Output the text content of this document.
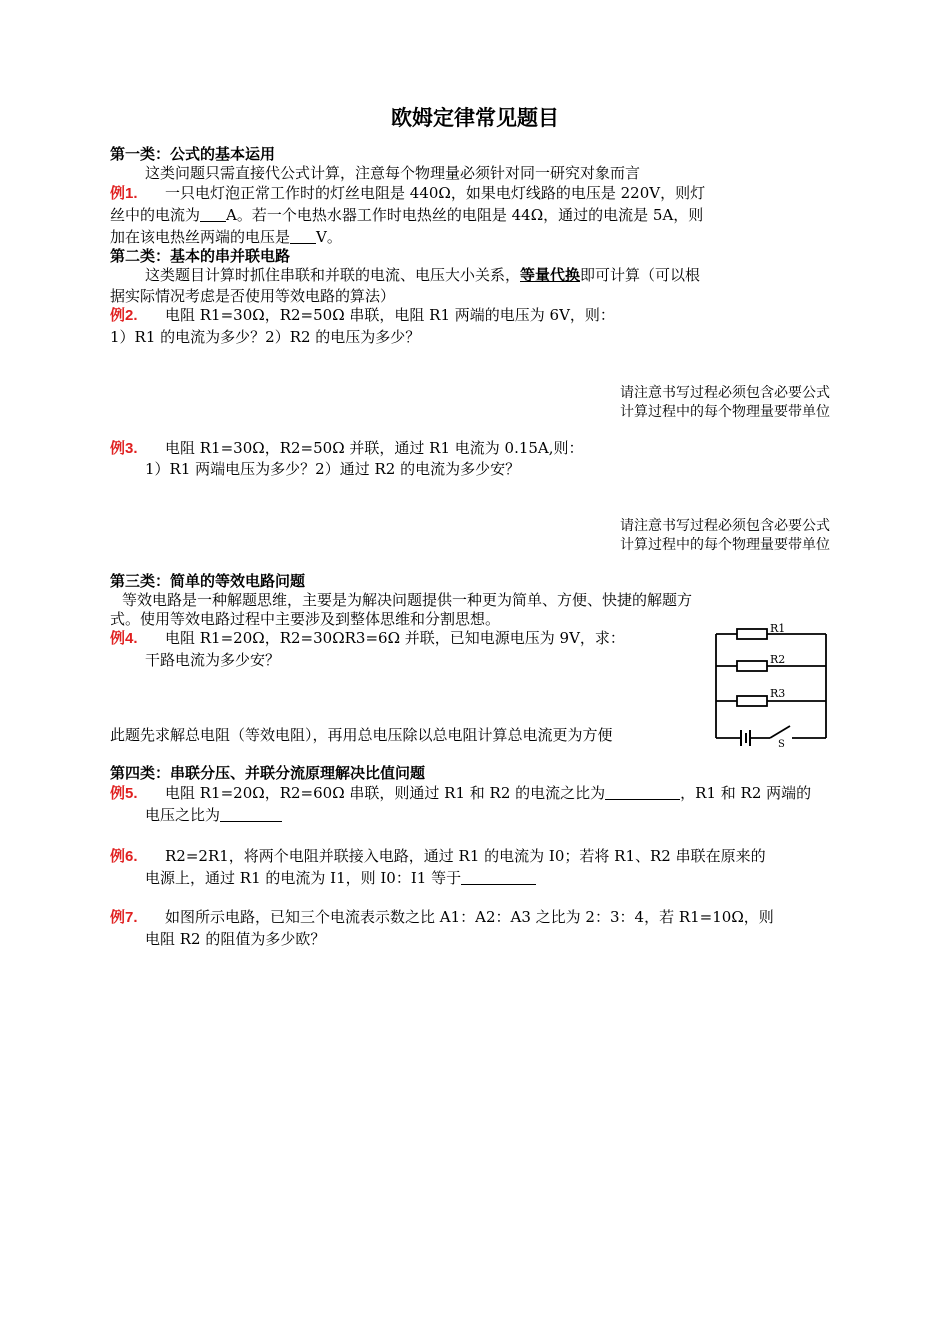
欧姆定律常见题目
第一类：公式的基本运用
这类问题只需直接代公式计算，注意每个物理量必须针对同一研究对象而言
例1. 一只电灯泡正常工作时的灯丝电阻是 440Ω，如果电灯线路的电压是 220V，则灯
丝中的电流为 A。若一个电热水器工作时电热丝的电阻是 44Ω，通过的电流是 5A，则
加在该电热丝两端的电压是 V。
第二类：基本的串并联电路
这类题目计算时抓住串联和并联的电流、电压大小关系，等量代换即可计算（可以根
据实际情况考虑是否使用等效电路的算法）
例2. 电阻 R1=30Ω，R2=50Ω 串联，电阻 R1 两端的电压为 6V，则：
1）R1 的电流为多少？2）R2 的电压为多少？
请注意书写过程必须包含必要公式
计算过程中的每个物理量要带单位
例3. 电阻 R1=30Ω，R2=50Ω 并联，通过 R1 电流为 0.15A,则：
1）R1 两端电压为多少？2）通过 R2 的电流为多少安？
请注意书写过程必须包含必要公式
计算过程中的每个物理量要带单位
第三类：简单的等效电路问题
等效电路是一种解题思维，主要是为解决问题提供一种更为简单、方便、快捷的解题方
式。使用等效电路过程中主要涉及到整体思维和分割思想。
例4. 电阻 R1=20Ω，R2=30ΩR3=6Ω 并联，已知电源电压为 9V，求：
干路电流为多少安？
此题先求解总电阻（等效电阻），再用总电压除以总电阻计算总电流更为方便
R1
R2
R3
S
第四类：串联分压、并联分流原理解决比值问题
例5. 电阻 R1=20Ω，R2=60Ω 串联，则通过 R1 和 R2 的电流之比为	，R1 和 R2 两端的
电压之比为
例6. R2=2R1，将两个电阻并联接入电路，通过 R1 的电流为 I0；若将 R1、R2 串联在原来的
电源上，通过 R1 的电流为 I1，则 I0：I1 等于
例7. 如图所示电路，已知三个电流表示数之比 A1：A2：A3 之比为 2：3：4，若 R1=10Ω，则
电阻 R2 的阻值为多少欧？
